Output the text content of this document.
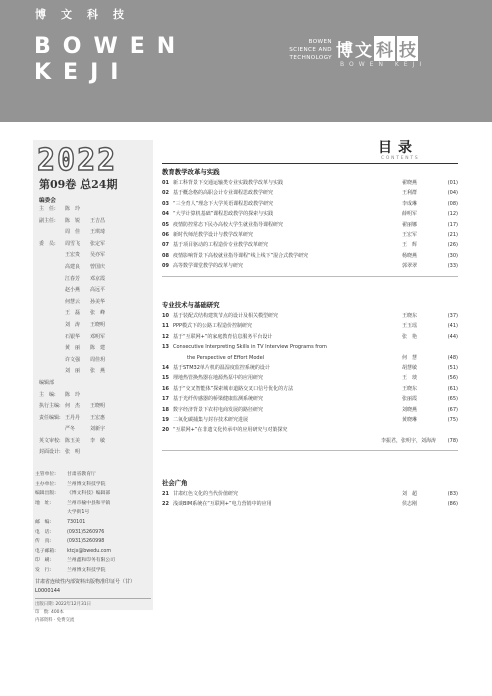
博文科技
BOWEN
KEJI
BOWEN
SCIENCE AND
TECHNOLOGY 博 文 科 技
BOWEN KEJI
2022
第09卷 总24期
编委会
主　任:	陈　玲
副主任:	陈　锐	王吉昌
周　佳	王琪琦
委　员:	周雪飞	张定军
王宏贵	吴亦军
高建良	曾国庆
江春芳	邓京霞
赵小燕	高远平
何慧云	孙美华
王　磊	张　峰
刘　涛	王晓明
石银华	邓明军
黄　丽	陈　建
许文强	周佳玥
刘　丽	张　燕
编辑部
主　编:	陈　玲
执行主编: 何　杰	王晓明
责任编辑: 王丹丹	王宏惠
严冬	刘新宇
英文审校: 陈玉美	李　敏
封面设计: 张　明
主管单位:	甘肃省教育厅
主办单位:	兰州博文科技学院
编辑出版:	《博文科技》编辑部
地　址:	兰州市榆中县和平镇
大学街1号
邮　编:	730101
电　话:	(0931)5260976
传　真:	(0931)5260998
电子邮箱:	ktcjx@bwedu.com
印　刷:	兰州鑫和印务有限公司
发　行:	兰州博文科技学院
甘肃省连续性内部资料出版物准印证号（甘）L0000144
出版日期: 2022年12月31日
印　数: 400本
内部资料 · 免费交流
目录
CONTENTS
教育教学改革与实践
01 新工科背景下交通运输类专业实践教学改革与实践	翟晓燕	(01)
02 基于概念格的高职会计专业课程思政教学研究	王利群	(04)
03 “三全育人”理念下大学英语课程思政教学研究	李成琳	(08)
04 “大学计算机基础”课程思政教学的探索与实践	薛明军	(12)
05 疫情防控常态下民办高校大学生就业指导课程研究	翟丽娜	(17)
06 新时代师范教学设计与教学改革研究	王宏军	(21)
07 基于项目驱动的工程造价专业教学改革研究	王　辉	(26)
08 疫情影响背景下高校就业指导课程“线上线下”混合式教学研究	杨晓燕	(30)
09 高等数学课堂教学的改革与研究	郭翠翠	(33)
专业技术与基础研究
10 基于装配式结构建筑节点的设计及相关模型研究	王晓东	(37)
11 PPP模式下的公路工程造价控制研究	王玉瑶	(41)
12 基于“互联网+”的家庭教育信息服务平台设计	张　艳	(44)
13 Consecutive Interpreting Skills in TV Interview Programs from
the Perspective of Effort Model	何　慧	(48)
14 基于STM32单片机的温湿度监控系统的设计	胡慧敏	(51)
15 埋地热管换热器在地源热泵中的应用研究	王　琰	(56)
16 基于“交叉智能体”探索城市道路交叉口信号优化的方法	王晓东	(61)
17 基于光纤传感器的桥梁健康监测系统研究	张丽霞	(65)
18 数字经济背景下农村电商发展的路径研究	刘晓燕	(67)
19 二氧化碳捕集与封存技术研究进展	黄晓琳	(75)
20 “互联网+”在非遗文化传承中的应用研究与对策探究
李振君，张明宇，刘海涛	(78)
社会广角
21 甘肃红色文化的当代价值研究	刘　超	(83)
22 浅谈BIM系统在“互联网+”电力营销中的应用	侯志刚	(86)
